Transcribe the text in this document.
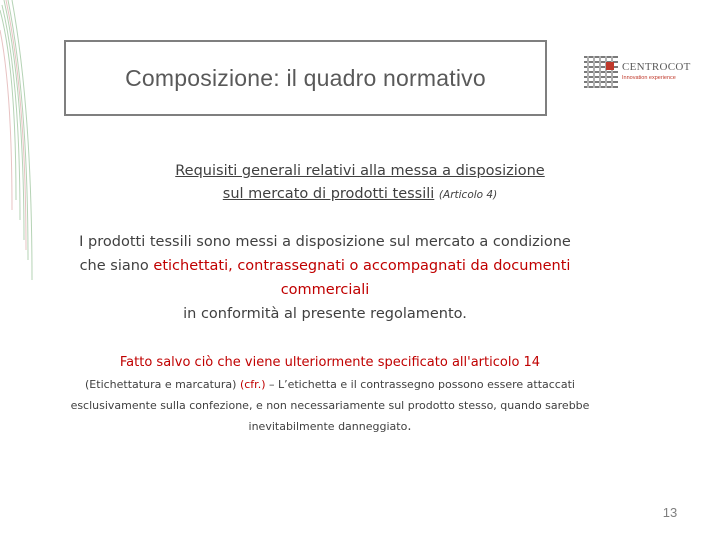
Composizione: il quadro normativo	CENTROCOT
Innovation experience
Requisiti generali relativi alla messa a disposizione
sul mercato di prodotti tessili (Articolo 4)
I prodotti tessili sono messi a disposizione sul mercato a condizione che siano etichettati, contrassegnati o accompagnati da documenti commerciali
in conformità al presente regolamento.
Fatto salvo ciò che viene ulteriormente specificato all'articolo 14
(Etichettatura e marcatura) (cfr.) – L’etichetta e il contrassegno possono essere attaccati esclusivamente sulla confezione, e non necessariamente sul prodotto stesso, quando sarebbe inevitabilmente danneggiato.
13
